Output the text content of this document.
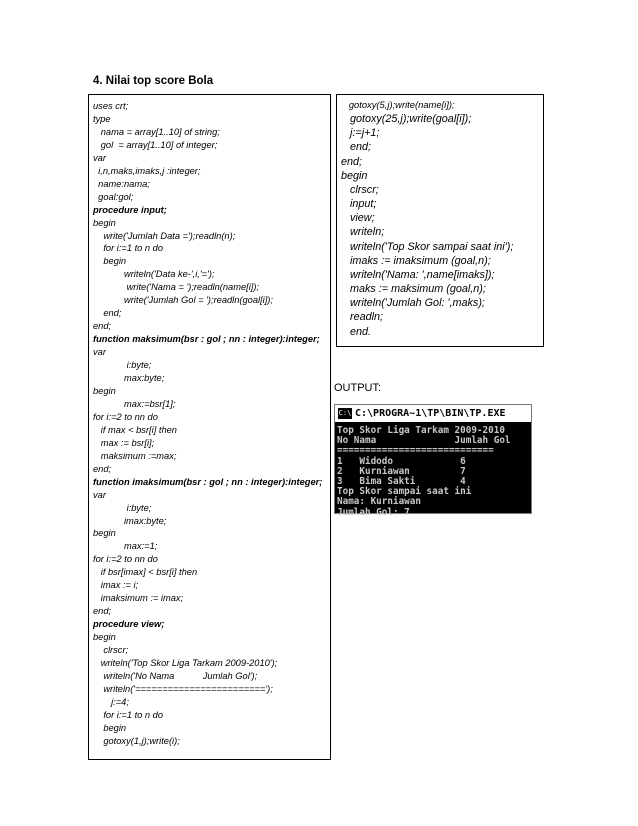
4. Nilai top score Bola
uses crt;
type
nama = array[1..10] of string;
gol  = array[1..10] of integer;
var
i,n,maks,imaks,j :integer;
name:nama;
goal:gol;
procedure input;
begin
write('Jumlah Data =');readln(n);
for i:=1 to n do
begin
writeln('Data ke-',i,'=');
write('Nama = ');readln(name[i]);
write('Jumlah Gol = ');readln(goal[i]);
end;
end;
function maksimum(bsr : gol ; nn : integer):integer;
var
i:byte;
max:byte;
begin
max:=bsr[1];
for i:=2 to nn do
if max < bsr[i] then
max := bsr[i];
maksimum :=max;
end;
function imaksimum(bsr : gol ; nn : integer):integer;
var
i:byte;
imax:byte;
begin
max:=1;
for i:=2 to nn do
if bsr[imax] < bsr[i] then
imax := i;
imaksimum := imax;
end;
procedure view;
begin
clrscr;
writeln('Top Skor Liga Tarkam 2009-2010');
writeln('No Nama           Jumlah Gol');
writeln('========================');
j:=4;
for i:=1 to n do
begin
gotoxy(1,j);write(i);
gotoxy(5,j);write(name[i]);
gotoxy(25,j);write(goal[i]);
j:=j+1;
end;
end;
begin
clrscr;
input;
view;
writeln;
writeln('Top Skor sampai saat ini');
imaks := imaksimum (goal,n);
writeln('Nama: ',name[imaks]);
maks := maksimum (goal,n);
writeln('Jumlah Gol: ',maks);
readln;
end.
OUTPUT:
C:\ C:\PROGRA~1\TP\BIN\TP.EXE
Top Skor Liga Tarkam 2009-2010
No Nama              Jumlah Gol
============================
1   Widodo            6
2   Kurniawan         7
3   Bima Sakti        4
Top Skor sampai saat ini
Nama: Kurniawan
Jumlah Gol: 7
